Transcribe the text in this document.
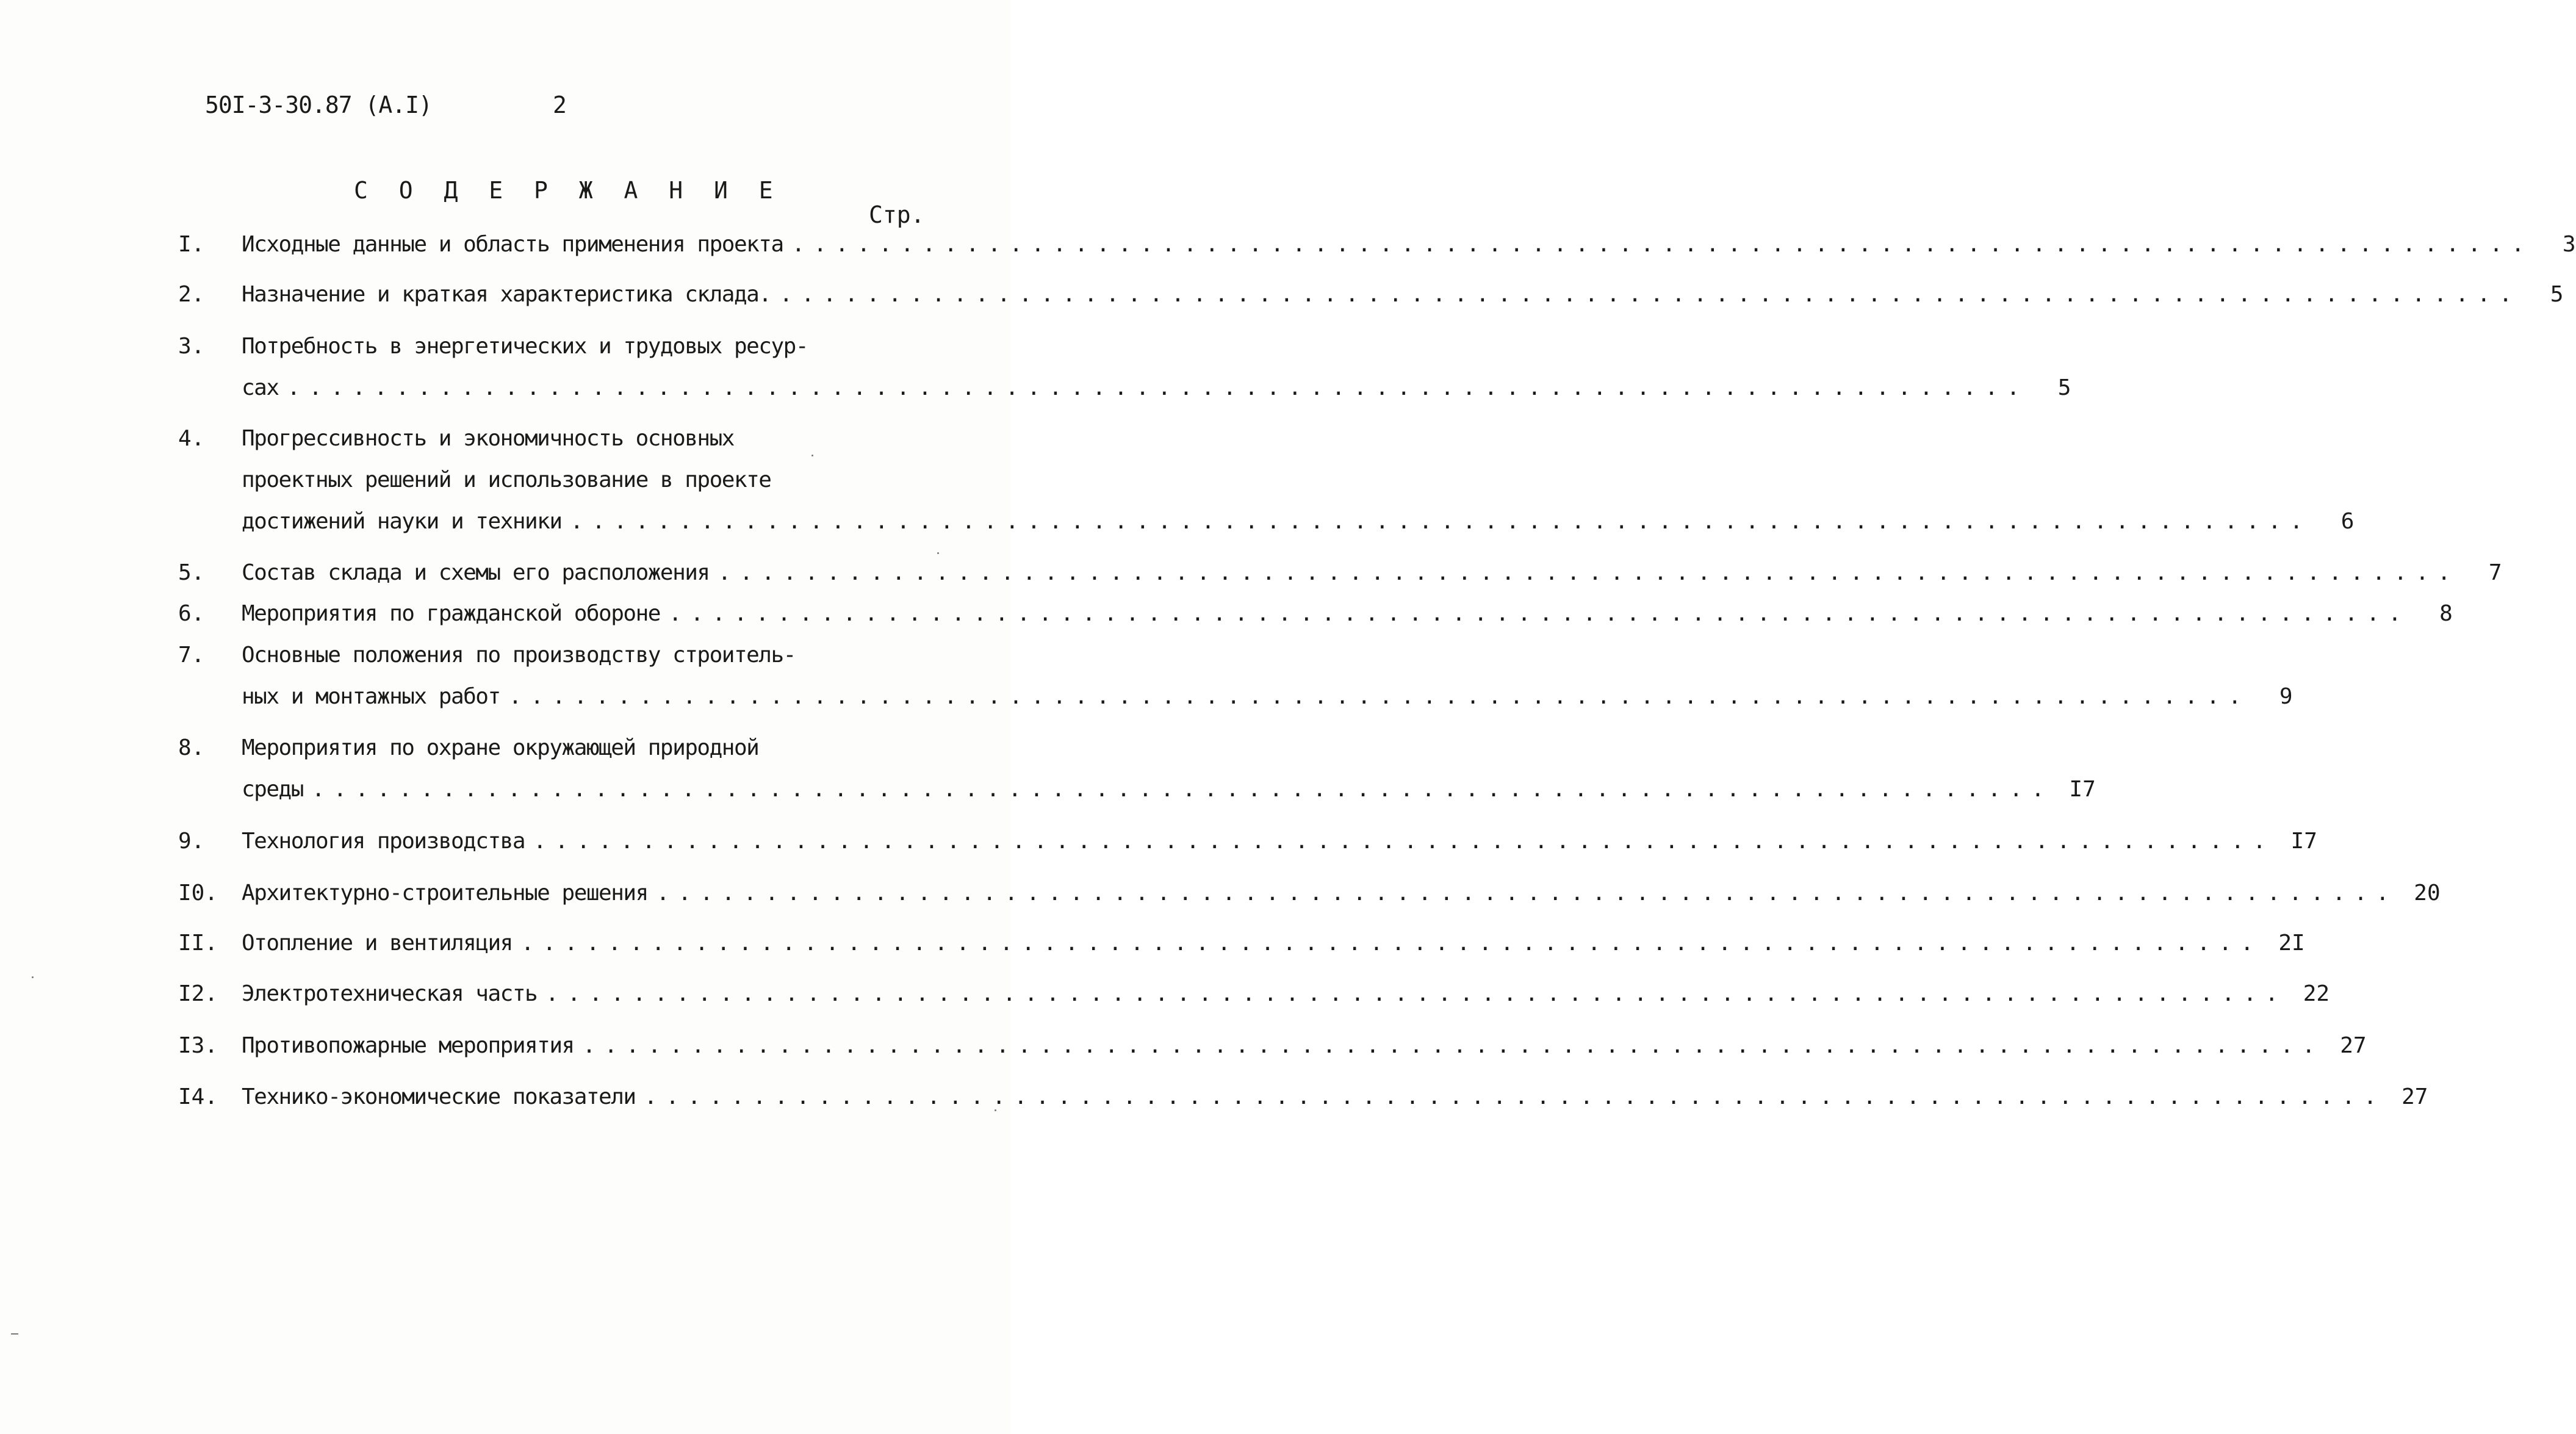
50I-3-30.87 (А.I)	2
С О Д Е Р Ж А Н И Е
Стр.
I. Исходные данные и область применения проекта ................................................................................	3
2. Назначение и краткая характеристика склада. ................................................................................	5
3. Потребность в энергетических и трудовых ресур-
сах ................................................................................	5
4. Прогрессивность и экономичность основных
проектных решений и использование в проекте
достижений науки и техники ................................................................................	6
5. Состав склада и схемы его расположения ................................................................................	7
6. Мероприятия по гражданской обороне ................................................................................	8
7. Основные положения по производству строитель-
ных и монтажных работ ................................................................................	9
8. Мероприятия по охране окружающей природной
среды ................................................................................ I7
9. Технология производства ................................................................................ I7
I0. Архитектурно-строительные решения ................................................................................ 20
II. Отопление и вентиляция ................................................................................ 2I
I2. Электротехническая часть ................................................................................ 22
I3. Противопожарные мероприятия ................................................................................ 27
I4. Технико-экономические показатели ................................................................................ 27
